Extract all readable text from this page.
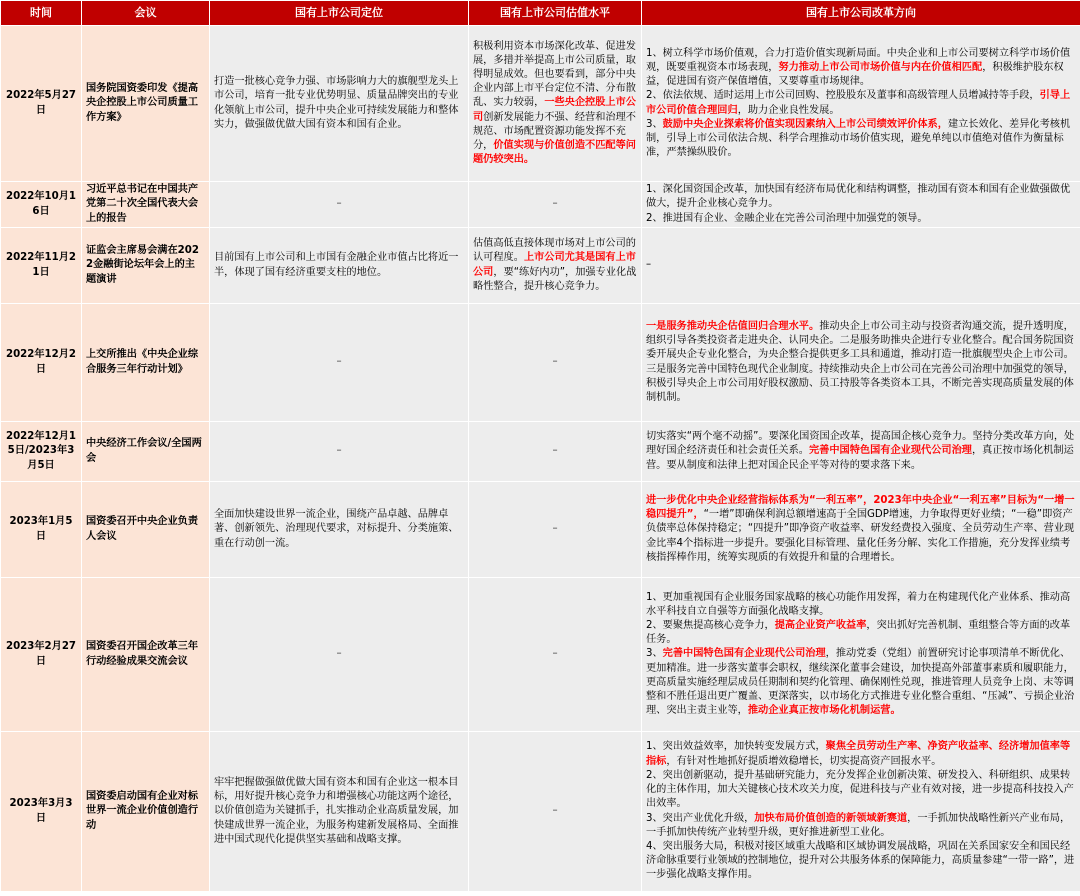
时间	会议	国有上市公司定位	国有上市公司估值水平	国有上市公司改革方向
2022年5月27日	国务院国资委印发《提高央企控股上市公司质量工作方案》	打造一批核心竞争力强、市场影响力大的旗舰型龙头上市公司，培育一批专业优势明显、质量品牌突出的专业化领航上市公司，提升中央企业可持续发展能力和整体实力，做强做优做大国有资本和国有企业。	积极利用资本市场深化改革、促进发展，多措并举提高上市公司质量，取得明显成效。但也要看到，部分中央企业内部上市平台定位不清、分布散乱、实力较弱，一些央企控股上市公司创新发展能力不强、经营和治理不规范、市场配置资源功能发挥不充分，价值实现与价值创造不匹配等问题仍较突出。	1、树立科学市场价值观，合力打造价值实现新局面。中央企业和上市公司要树立科学市场价值观，既要重视资本市场表现，努力推动上市公司市场价值与内在价值相匹配，积极维护股东权益，促进国有资产保值增值，又要尊重市场规律。
2、依法依规、适时运用上市公司回购、控股股东及董事和高级管理人员增减持等手段，引导上市公司价值合理回归，助力企业良性发展。
3、鼓励中央企业探索将价值实现因素纳入上市公司绩效评价体系，建立长效化、差异化考核机制，引导上市公司依法合规、科学合理推动市场价值实现，避免单纯以市值绝对值作为衡量标准，严禁操纵股价。

2022年10月16日	习近平总书记在中国共产党第二十次全国代表大会上的报告	–	–	1、深化国资国企改革，加快国有经济布局优化和结构调整，推动国有资本和国有企业做强做优做大，提升企业核心竞争力。
2、推进国有企业、金融企业在完善公司治理中加强党的领导。

2022年11月21日	证监会主席易会满在2022金融街论坛年会上的主题演讲	目前国有上市公司和上市国有金融企业市值占比将近一半，体现了国有经济重要支柱的地位。	估值高低直接体现市场对上市公司的认可程度。上市公司尤其是国有上市公司，要“练好内功”，加强专业化战略性整合，提升核心竞争力。	–
2022年12月2日	上交所推出《中央企业综合服务三年行动计划》	–	–	一是服务推动央企估值回归合理水平。推动央企上市公司主动与投资者沟通交流，提升透明度，组织引导各类投资者走进央企、认同央企。二是服务助推央企进行专业化整合。配合国务院国资委开展央企专业化整合，为央企整合提供更多工具和通道，推动打造一批旗舰型央企上市公司。三是服务完善中国特色现代企业制度。持续推动央企上市公司在完善公司治理中加强党的领导，积极引导央企上市公司用好股权激励、员工持股等各类资本工具，不断完善实现高质量发展的体制机制。
2022年12月15日/2023年3月5日	中央经济工作会议/全国两会	–	–	切实落实“两个毫不动摇”。要深化国资国企改革，提高国企核心竞争力。坚持分类改革方向，处理好国企经济责任和社会责任关系。完善中国特色国有企业现代公司治理，真正按市场化机制运营。要从制度和法律上把对国企民企平等对待的要求落下来。
2023年1月5日	国资委召开中央企业负责人会议	全面加快建设世界一流企业，围绕产品卓越、品牌卓著、创新领先、治理现代要求，对标提升、分类施策、重在行动创一流。	–	进一步优化中央企业经营指标体系为“一利五率”，2023年中央企业“一利五率”目标为“一增一稳四提升”，“一增”即确保利润总额增速高于全国GDP增速，力争取得更好业绩；“一稳”即资产负债率总体保持稳定；“四提升”即净资产收益率、研发经费投入强度、全员劳动生产率、营业现金比率4个指标进一步提升。要强化目标管理、量化任务分解、实化工作措施，充分发挥业绩考核指挥棒作用，统筹实现质的有效提升和量的合理增长。
2023年2月27日	国资委召开国企改革三年行动经验成果交流会议	–	–	1、更加重视国有企业服务国家战略的核心功能作用发挥，着力在构建现代化产业体系、推动高水平科技自立自强等方面强化战略支撑。
2、要聚焦提高核心竞争力，提高企业资产收益率，突出抓好完善机制、重组整合等方面的改革任务。
3、完善中国特色国有企业现代公司治理，推动党委（党组）前置研究讨论事项清单不断优化、更加精准。进一步落实董事会职权，继续深化董事会建设，加快提高外部董事素质和履职能力，更高质量实施经理层成员任期制和契约化管理、确保刚性兑现，推进管理人员竞争上岗、末等调整和不胜任退出更广覆盖、更深落实，以市场化方式推进专业化整合重组、“压减”、亏损企业治理、突出主责主业等，推动企业真正按市场化机制运营。

2023年3月3日	国资委启动国有企业对标世界一流企业价值创造行动	牢牢把握做强做优做大国有资本和国有企业这一根本目标，用好提升核心竞争力和增强核心功能这两个途径，以价值创造为关键抓手，扎实推动企业高质量发展，加快建成世界一流企业，为服务构建新发展格局、全面推进中国式现代化提供坚实基础和战略支撑。	–	1、突出效益效率，加快转变发展方式，聚焦全员劳动生产率、净资产收益率、经济增加值率等指标，有针对性地抓好提质增效稳增长，切实提高资产回报水平。
2、突出创新驱动，提升基础研究能力，充分发挥企业创新决策、研发投入、科研组织、成果转化的主体作用，加大关键核心技术攻关力度，促进科技与产业有效对接，进一步提高科技投入产出效率。
3、突出产业优化升级，加快布局价值创造的新领域新赛道，一手抓加快战略性新兴产业布局，一手抓加快传统产业转型升级，更好推进新型工业化。
4、突出服务大局，积极对接区域重大战略和区域协调发展战略，巩固在关系国家安全和国民经济命脉重要行业领域的控制地位，提升对公共服务体系的保障能力，高质量参建“一带一路”，进一步强化战略支撑作用。
